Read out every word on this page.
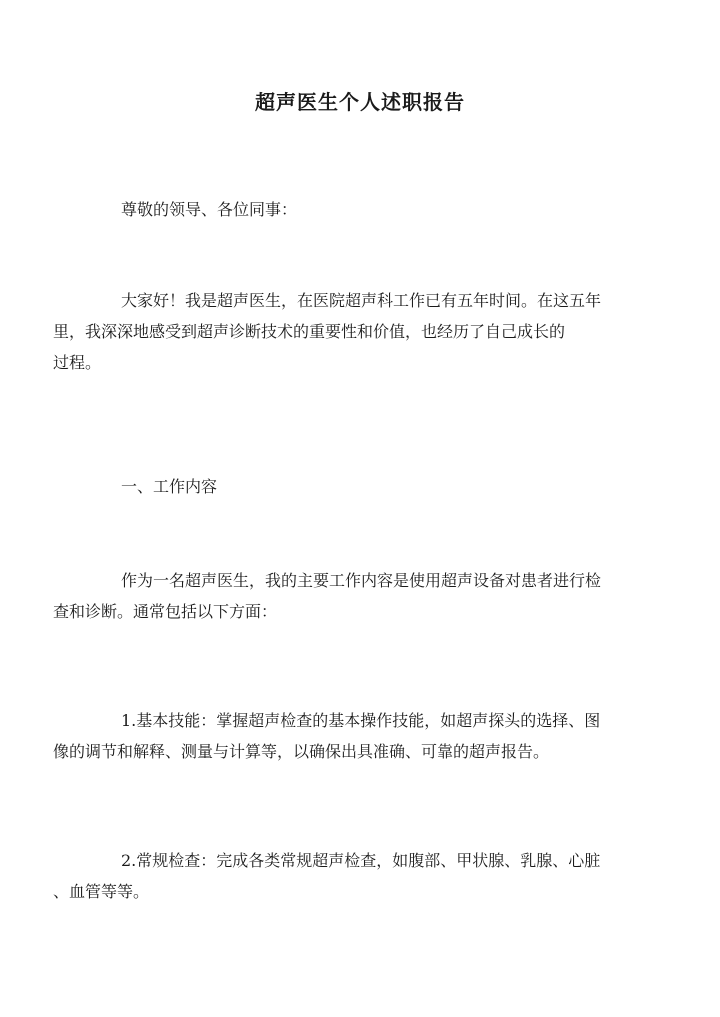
超声医生个人述职报告

尊敬的领导、各位同事：

大家好！我是超声医生，在医院超声科工作已有五年时间。在这五年
里，我深深地感受到超声诊断技术的重要性和价值，也经历了自己成长的
过程。

一、工作内容

作为一名超声医生，我的主要工作内容是使用超声设备对患者进行检
查和诊断。通常包括以下方面：

1.基本技能：掌握超声检查的基本操作技能，如超声探头的选择、图
像的调节和解释、测量与计算等，以确保出具准确、可靠的超声报告。

2.常规检查：完成各类常规超声检查，如腹部、甲状腺、乳腺、心脏
、血管等等。
